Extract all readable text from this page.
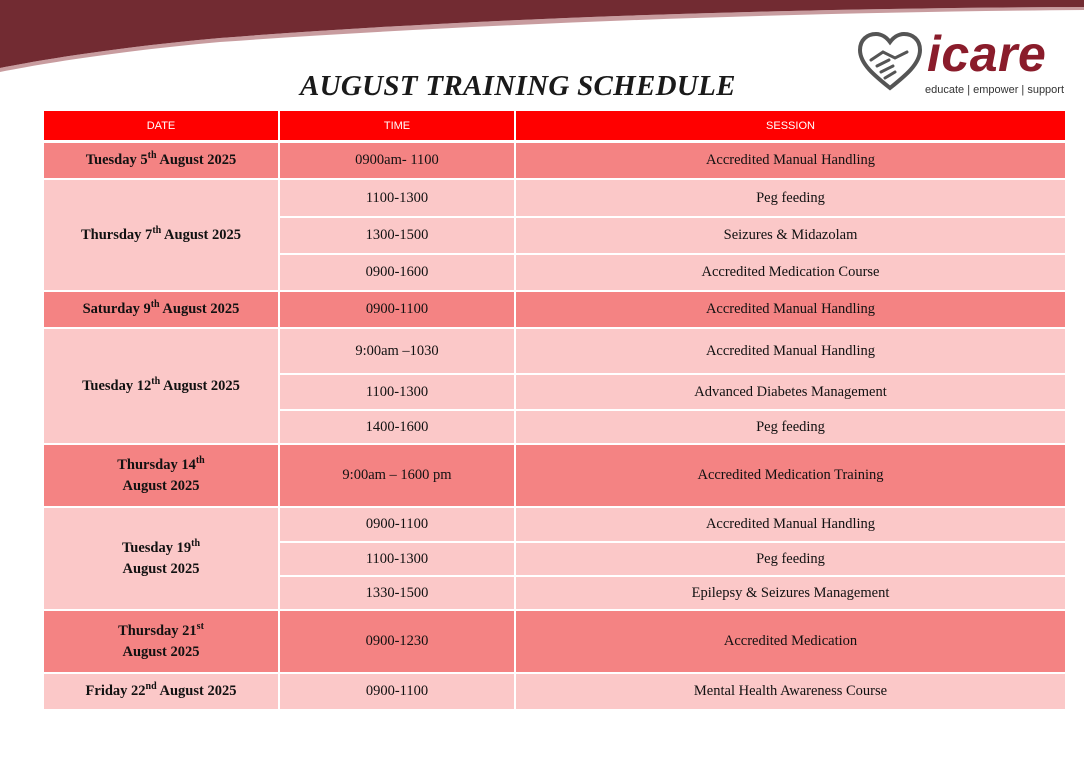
AUGUST TRAINING SCHEDULE
icare
educate | empower | support
DATE	TIME	SESSION
Tuesday 5th August 2025	0900am- 1100	Accredited Manual Handling
Thursday 7th August 2025	1100-1300	Peg feeding
	1300-1500	Seizures & Midazolam
	0900-1600	Accredited Medication Course
Saturday 9th August 2025	0900-1100	Accredited Manual Handling
Tuesday 12th August 2025	9:00am –1030	Accredited Manual Handling
	1100-1300	Advanced Diabetes Management
	1400-1600	Peg feeding
Thursday 14th
August 2025	9:00am – 1600 pm	Accredited Medication Training
Tuesday 19th
August 2025	0900-1100	Accredited Manual Handling
	1100-1300	Peg feeding
	1330-1500	Epilepsy & Seizures Management
Thursday 21st
August 2025	0900-1230	Accredited Medication
Friday 22nd August 2025	0900-1100	Mental Health Awareness Course
